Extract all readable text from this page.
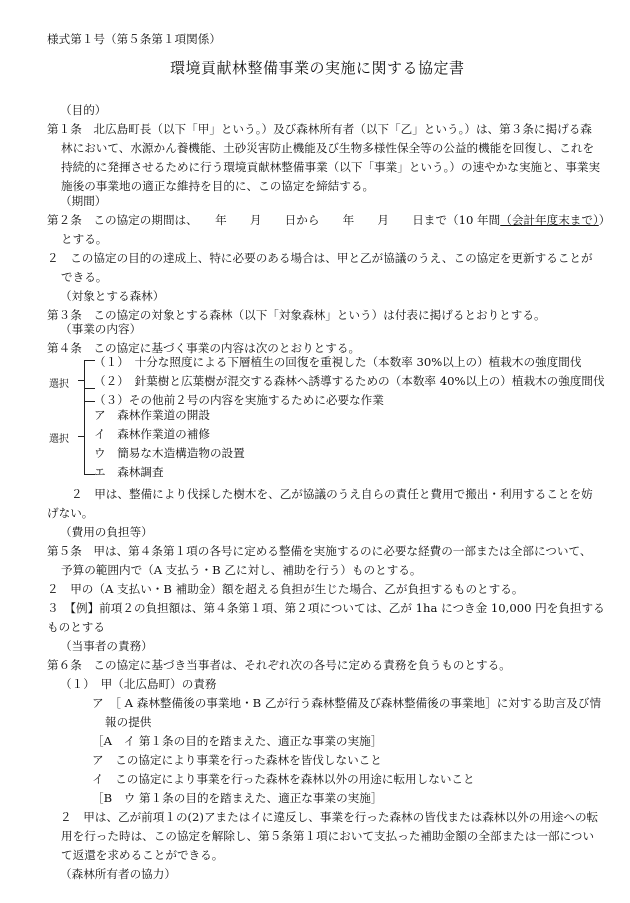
様式第１号（第５条第１項関係）
環境貢献林整備事業の実施に関する協定書
（目的）
第１条　北広島町長（以下「甲」という。）及び森林所有者（以下「乙」という。）は、第３条に掲げる森
林において、水源かん養機能、土砂災害防止機能及び生物多様性保全等の公益的機能を回復し、これを
持続的に発揮させるために行う環境貢献林整備事業（以下「事業」という。）の速やかな実施と、事業実
施後の事業地の適正な維持を目的に、この協定を締結する。
（期間）
第２条　この協定の期間は、　　年　　月　　日から　　年　　月　　日まで（10 年間（会計年度末まで））
とする。
２　この協定の目的の達成上、特に必要のある場合は、甲と乙が協議のうえ、この協定を更新することが
できる。
（対象とする森林）
第３条　この協定の対象とする森林（以下「対象森林」という）は付表に掲げるとおりとする。
（事業の内容）
第４条　この協定に基づく事業の内容は次のとおりとする。
選択
（１）　十分な照度による下層植生の回復を重視した（本数率 30%以上の）植栽木の強度間伐
（２）　針葉樹と広葉樹が混交する森林へ誘導するための（本数率 40%以上の）植栽木の強度間伐
（３）その他前２号の内容を実施するために必要な作業
選択
ア　森林作業道の開設
イ　森林作業道の補修
ウ　簡易な木造構造物の設置
エ　森林調査
２　甲は、整備により伐採した樹木を、乙が協議のうえ自らの責任と費用で搬出・利用することを妨
げない。
（費用の負担等）
第５条　甲は、第４条第１項の各号に定める整備を実施するのに必要な経費の一部または全部について、
予算の範囲内で（A 支払う・B 乙に対し、補助を行う）ものとする。
２　甲の（A 支払い・B 補助金）額を超える負担が生じた場合、乙が負担するものとする。
３　【例】前項２の負担額は、第４条第１項、第２項については、乙が 1ha につき金 10,000 円を負担する
ものとする
（当事者の責務）
第６条　この協定に基づき当事者は、それぞれ次の各号に定める責務を負うものとする。
（１）　甲（北広島町）の責務
ア　［ A 森林整備後の事業地・B 乙が行う森林整備及び森林整備後の事業地］に対する助言及び情
報の提供
［A　イ 第１条の目的を踏まえた、適正な事業の実施］
ア　この協定により事業を行った森林を皆伐しないこと
イ　この協定により事業を行った森林を森林以外の用途に転用しないこと
［B　ウ 第１条の目的を踏まえた、適正な事業の実施］
２　甲は、乙が前項１の(2)アまたはイに違反し、事業を行った森林の皆伐または森林以外の用途への転
用を行った時は、この協定を解除し、第５条第１項において支払った補助金額の全部または一部につい
て返還を求めることができる。
（森林所有者の協力）
